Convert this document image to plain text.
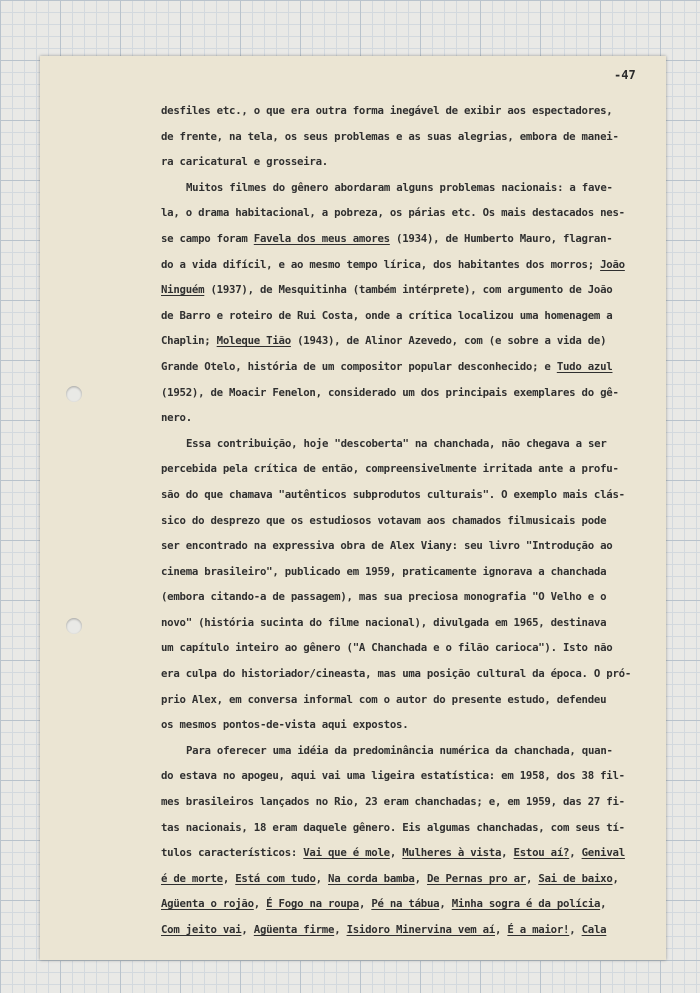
-47
desfiles etc., o que era outra forma inegável de exibir aos espectadores,
de frente, na tela, os seus problemas e as suas alegrias, embora de manei-
ra caricatural e grosseira.
Muitos filmes do gênero abordaram alguns problemas nacionais: a fave-
la, o drama habitacional, a pobreza, os párias etc. Os mais destacados nes-
se campo foram Favela dos meus amores (1934), de Humberto Mauro, flagran-
do a vida difícil, e ao mesmo tempo lírica, dos habitantes dos morros; João
Ninguém (1937), de Mesquitinha (também intérprete), com argumento de João
de Barro e roteiro de Rui Costa, onde a crítica localizou uma homenagem a
Chaplin; Moleque Tião (1943), de Alinor Azevedo, com (e sobre a vida de)
Grande Otelo, história de um compositor popular desconhecido; e Tudo azul
(1952), de Moacir Fenelon, considerado um dos principais exemplares do gê-
nero.
Essa contribuição, hoje "descoberta" na chanchada, não chegava a ser
percebida pela crítica de então, compreensivelmente irritada ante a profu-
são do que chamava "autênticos subprodutos culturais". O exemplo mais clás-
sico do desprezo que os estudiosos votavam aos chamados filmusicais pode
ser encontrado na expressiva obra de Alex Viany: seu livro "Introdução ao
cinema brasileiro", publicado em 1959, praticamente ignorava a chanchada
(embora citando-a de passagem), mas sua preciosa monografia "O Velho e o
novo" (história sucinta do filme nacional), divulgada em 1965, destinava
um capítulo inteiro ao gênero ("A Chanchada e o filão carioca"). Isto não
era culpa do historiador/cineasta, mas uma posição cultural da época. O pró-
prio Alex, em conversa informal com o autor do presente estudo, defendeu
os mesmos pontos-de-vista aqui expostos.
Para oferecer uma idéia da predominância numérica da chanchada, quan-
do estava no apogeu, aqui vai uma ligeira estatística: em 1958, dos 38 fil-
mes brasileiros lançados no Rio, 23 eram chanchadas; e, em 1959, das 27 fi-
tas nacionais, 18 eram daquele gênero. Eis algumas chanchadas, com seus tí-
tulos característicos: Vai que é mole, Mulheres à vista, Estou aí?, Genival
é de morte, Está com tudo, Na corda bamba, De Pernas pro ar, Sai de baixo,
Agüenta o rojão, É Fogo na roupa, Pé na tábua, Minha sogra é da polícia,
Com jeito vai, Agüenta firme, Isidoro Minervina vem aí, É a maior!, Cala
